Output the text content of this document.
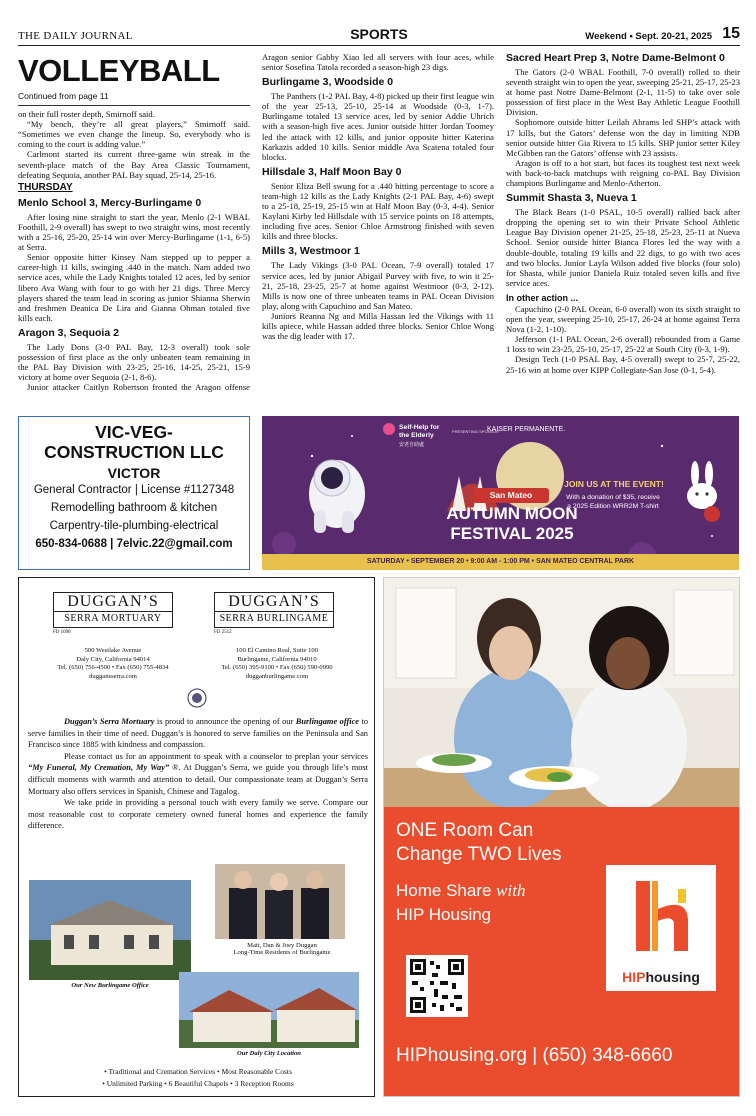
THE DAILY JOURNAL	SPORTS	Weekend • Sept. 20-21, 2025 15
VOLLEYBALL
Continued from page 11

on their full roster depth, Smirnoff said.

“My bench, they’re all great players,” Smirnoff said. “Sometimes we even change the lineup. So, everybody who is coming to the court is adding value.”

Carlmont started its current three-game win streak in the seventh-place match of the Bay Area Classic Tournament, defeating Sequoia, another PAL Bay squad, 25-14, 25-16.

THURSDAY
Menlo School 3, Mercy-Burlingame 0

After losing nine straight to start the year, Menlo (2-1 WBAL Foothill, 2-9 overall) has swept to two straight wins, most recently with a 25-16, 25-20, 25-14 win over Mercy-Burlingame (1-1, 6-5) at Serra.

Senior opposite hitter Kinsey Nam stepped up to pepper a career-high 11 kills, swinging .440 in the match. Nam added two service aces, while the Lady Knights totaled 12 aces, led by senior libero Ava Wang with four to go with her 21 digs. Three Mercy players shared the team lead in scoring as junior Shianna Sherwin and freshmen Deanica De Lira and Gianna Ohman totaled five kills each.

Aragon 3, Sequoia 2

The Lady Dons (3-0 PAL Bay, 12-3 overall) took sole possession of first place as the only unbeaten team remaining in the PAL Bay Division with 23-25, 25-16, 14-25, 25-21, 15-9 victory at home over Sequoia (2-1, 8-6).

Junior attacker Caitlyn Robertson fronted the Aragon offense

Aragon senior Gabby Xiao led all servers with four aces, while senior Sosefina Tatola recorded a season-high 23 digs.

Burlingame 3, Woodside 0

The Panthers (1-2 PAL Bay, 4-8) picked up their first league win of the year 25-13, 25-10, 25-14 at Woodside (0-3, 1-7). Burlingame totaled 13 service aces, led by senior Addie Uhrich with a season-high five aces. Junior outside hitter Jordan Toomey led the attack with 12 kills, and junior opposite hitter Katerina Karkazis added 10 kills. Senior middle Ava Scatena totaled four blocks.

Hillsdale 3, Half Moon Bay 0

Senior Eliza Bell swung for a .440 hitting percentage to score a team-high 12 kills as the Lady Knights (2-1 PAL Bay, 4-6) swept to a 25-18, 25-19, 25-15 win at Half Moon Bay (0-3, 4-4). Senior Kaylani Kirby led Hillsdale with 15 service points on 18 attempts, including five aces. Senior Chloe Armstrong finished with seven kills and three blocks.

Mills 3, Westmoor 1

The Lady Vikings (3-0 PAL Ocean, 7-9 overall) totaled 17 service aces, led by junior Abigail Purvey with five, to win it 25-21, 25-18, 23-25, 25-7 at home against Westmoor (0-3, 2-12). Mills is now one of three unbeaten teams in PAL Ocean Division play, along with Capuchino and San Mateo.

Juniors Reanna Ng and Milla Hassan led the Vikings with 11 kills apiece, while Hassan added three blocks. Senior Chloe Wong was the dig leader with 17.

Sacred Heart Prep 3, Notre Dame-Belmont 0

The Gators (2-0 WBAL Foothill, 7-0 overall) rolled to their seventh straight win to open the year, sweeping 25-21, 25-17, 25-23 at home past Notre Dame-Belmont (2-1, 11-5) to take over sole possession of first place in the West Bay Athletic League Foothill Division.

Sophomore outside hitter Leilah Abrams led SHP’s attack with 17 kills, but the Gators’ defense won the day in limiting NDB senior outside hitter Gia Rivera to 15 kills. SHP junior setter Kiley McGibben ran the Gators’ offense with 23 assists.

Aragon is off to a hot start, but faces its toughest test next week with back-to-back matchups with reigning co-PAL Bay Division champions Burlingame and Menlo-Atherton.

Summit Shasta 3, Nueva 1

The Black Bears (1-0 PSAL, 10-5 overall) rallied back after dropping the opening set to win their Private School Athletic League Bay Division opener 21-25, 25-18, 25-23, 25-11 at Nueva School. Senior outside hitter Bianca Flores led the way with a double-double, totaling 19 kills and 22 digs, to go with two aces and two blocks. Junior Layla Wilson added five blocks (four solo) for Shasta, while junior Daniela Ruiz totaled seven kills and five service aces.

In other action ...

Capuchino (2-0 PAL Ocean, 6-0 overall) won its sixth straight to open the year, sweeping 25-10, 25-17, 26-24 at home against Terra Nova (1-2, 1-10).

Jefferson (1-1 PAL Ocean, 2-6 overall) rebounded from a Game 1 loss to win 23-25, 25-10, 25-17, 25-22 at South City (0-3, 1-9).

Design Tech (1-0 PSAL Bay, 4-5 overall) swept to 25-7, 25-22, 25-16 win at home over KIPP Collegiate-San Jose (0-1, 5-4).

VIC-VEG-
CONSTRUCTION LLC
VICTOR
General Contractor | License #1127348
Remodelling bathroom & kitchen
Carpentry-tile-plumbing-electrical
650-834-0688 | 7elvic.22@gmail.com
Self-Help for
the Elderly
安老自助處
PRESENTING SPONSOR
KAISER PERMANENTE.
San Mateo
AUTUMN MOON
FESTIVAL 2025
JOIN US AT THE EVENT!
With a donation of $35, receive
a 2025 Edition WRR2M T-shirt
SATURDAY • SEPTEMBER 20 • 9:00 AM - 1:00 PM • SAN MATEO CENTRAL PARK
DUGGAN’S
SERRA MORTUARY
FD 1098
DUGGAN’S
SERRA BURLINGAME
FD 2512
500 Westlake Avenue
Daly City, California 94014
Tel. (650) 756-4500 • Fax (650) 755-4834
duggansserra.com
100 El Camino Real, Suite 100
Burlingame, California 94010
Tel. (650) 395-9100 • Fax (650) 590-0990
dugganburlingame.com

Duggan’s Serra Mortuary is proud to announce the opening of our Burlingame office to serve families in their time of need. Duggan’s is honored to serve families on the Peninsula and San Francisco since 1885 with kindness and compassion.

Please contact us for an appointment to speak with a counselor to preplan your services “My Funeral, My Cremation, My Way” ®. At Duggan’s Serra, we guide you through life’s most difficult moments with warmth and attention to detail. Our compassionate team at Duggan’s Serra Mortuary also offers services in Spanish, Chinese and Tagalog.

We take pride in providing a personal touch with every family we serve. Compare our most reasonable cost to corporate cemetery owned funeral homes and experience the family difference.

Our New Burlingame Office
Matt, Dan & Joey Duggan
Long-Time Residents of Burlingame
Our Daly City Location
• Traditional and Cremation Services • Most Reasonable Costs
• Unlimited Parking • 6 Beautiful Chapels • 3 Reception Rooms
ONE Room Can
Change TWO Lives
Home Share with
HIP Housing
HIPhousing
HIPhousing.org | (650) 348-6660
